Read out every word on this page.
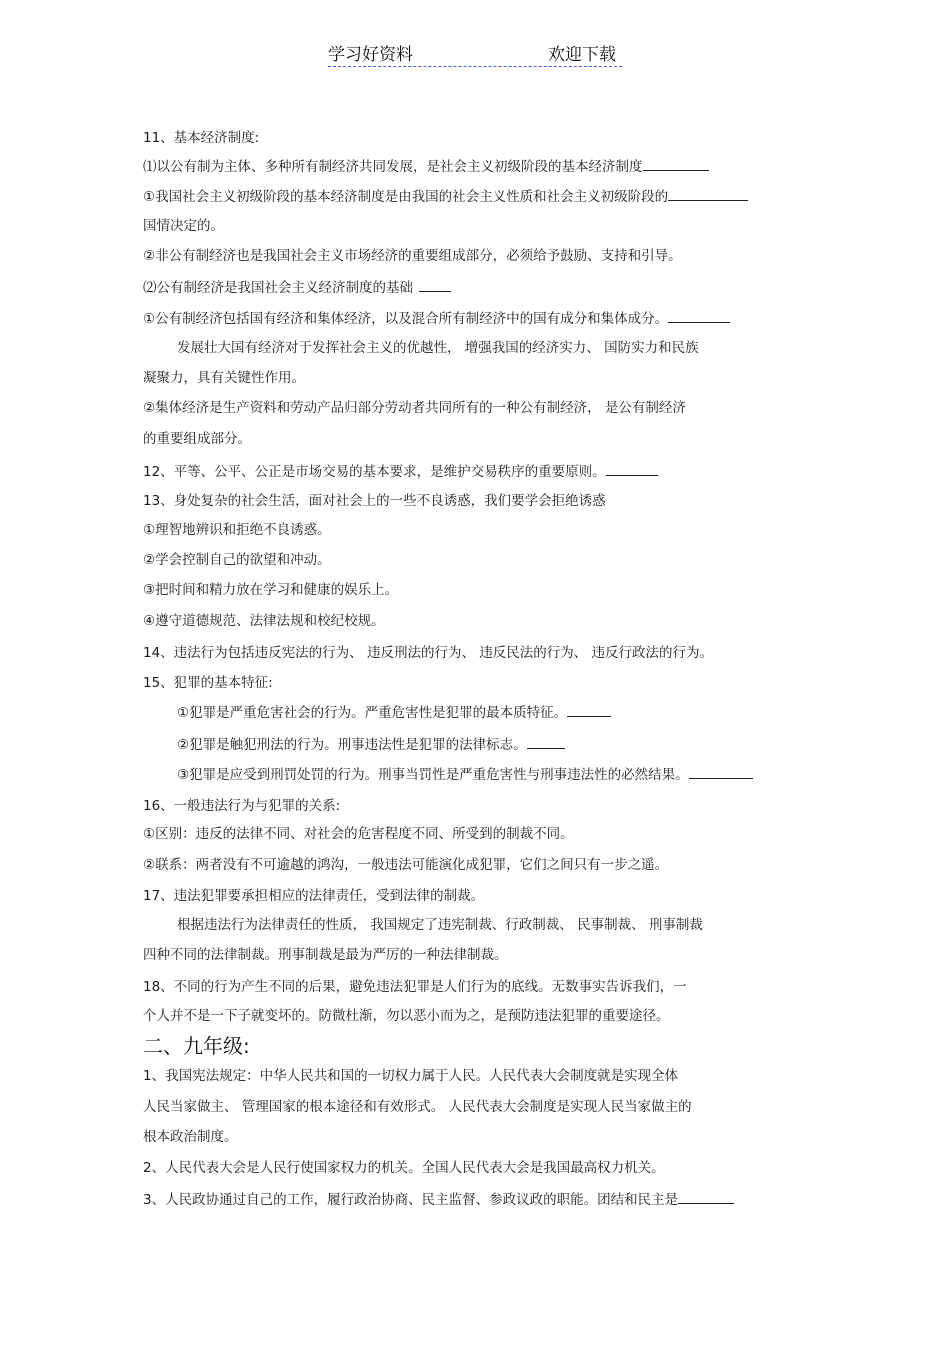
学习好资料	欢迎下载
11、基本经济制度:
⑴以公有制为主体、多种所有制经济共同发展，是社会主义初级阶段的基本经济制度
①我国社会主义初级阶段的基本经济制度是由我国的社会主义性质和社会主义初级阶段的
国情决定的。
②非公有制经济也是我国社会主义市场经济的重要组成部分，必须给予鼓励、支持和引导。
⑵公有制经济是我国社会主义经济制度的基础
①公有制经济包括国有经济和集体经济，以及混合所有制经济中的国有成分和集体成分。
发展壮大国有经济对于发挥社会主义的优越性， 增强我国的经济实力、 国防实力和民族
凝聚力，具有关键性作用。
②集体经济是生产资料和劳动产品归部分劳动者共同所有的一种公有制经济， 是公有制经济
的重要组成部分。
12、平等、公平、公正是市场交易的基本要求，是维护交易秩序的重要原则。
13、身处复杂的社会生活，面对社会上的一些不良诱惑，我们要学会拒绝诱惑
①理智地辨识和拒绝不良诱惑。
②学会控制自己的欲望和冲动。
③把时间和精力放在学习和健康的娱乐上。
④遵守道德规范、法律法规和校纪校规。
14、违法行为包括违反宪法的行为、 违反刑法的行为、 违反民法的行为、 违反行政法的行为。
15、犯罪的基本特征:
①犯罪是严重危害社会的行为。严重危害性是犯罪的最本质特征。
②犯罪是触犯刑法的行为。刑事违法性是犯罪的法律标志。
③犯罪是应受到刑罚处罚的行为。刑事当罚性是严重危害性与刑事违法性的必然结果。
16、一般违法行为与犯罪的关系:
①区别：违反的法律不同、对社会的危害程度不同、所受到的制裁不同。
②联系：两者没有不可逾越的鸿沟，一般违法可能演化成犯罪，它们之间只有一步之遥。
17、违法犯罪要承担相应的法律责任，受到法律的制裁。
根据违法行为法律责任的性质， 我国规定了违宪制裁、行政制裁、 民事制裁、 刑事制裁
四种不同的法律制裁。刑事制裁是最为严厉的一种法律制裁。
18、不同的行为产生不同的后果，避免违法犯罪是人们行为的底线。无数事实告诉我们，一
个人并不是一下子就变坏的。防微杜渐，勿以恶小而为之，是预防违法犯罪的重要途径。
二、九年级:
1、我国宪法规定：中华人民共和国的一切权力属于人民。人民代表大会制度就是实现全体
人民当家做主、 管理国家的根本途径和有效形式。 人民代表大会制度是实现人民当家做主的
根本政治制度。
2、人民代表大会是人民行使国家权力的机关。全国人民代表大会是我国最高权力机关。
3、人民政协通过自己的工作，履行政治协商、民主监督、参政议政的职能。团结和民主是
